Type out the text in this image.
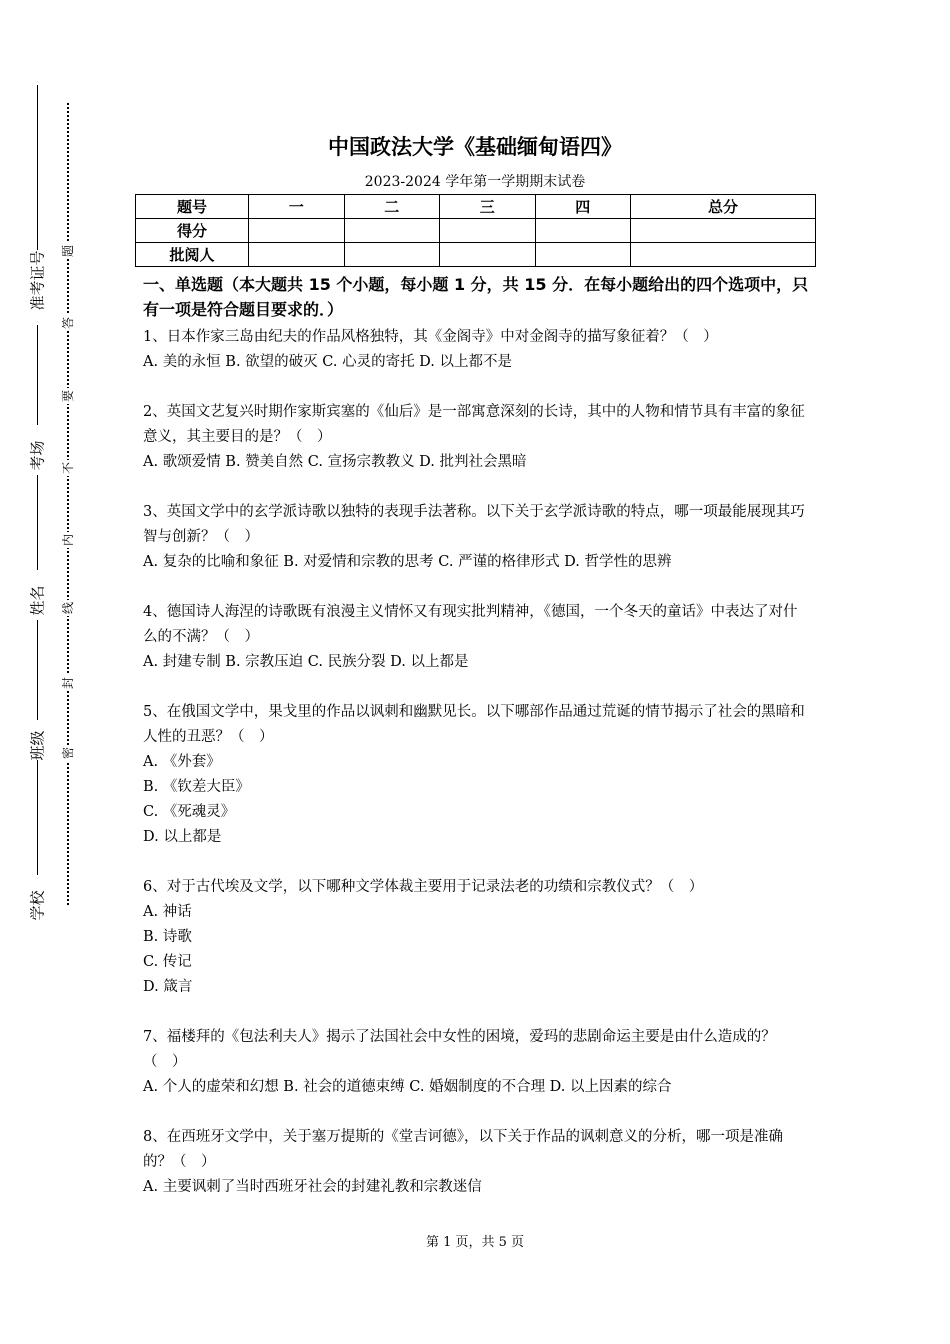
准考证号
考场
姓名
班级
学校
题
答
要
不
内
线
封
密
中国政法大学《基础缅甸语四》
2023-2024 学年第一学期期末试卷
题号	一	二	三	四	总分
得分					
批阅人					
一、单选题（本大题共 15 个小题，每小题 1 分，共 15 分．在每小题给出的四个选项中，只有一项是符合题目要求的．）

1、日本作家三岛由纪夫的作品风格独特，其《金阁寺》中对金阁寺的描写象征着？（　）

A. 美的永恒 B. 欲望的破灭 C. 心灵的寄托 D. 以上都不是

2、英国文艺复兴时期作家斯宾塞的《仙后》是一部寓意深刻的长诗，其中的人物和情节具有丰富的象征意义，其主要目的是？（　）

A. 歌颂爱情 B. 赞美自然 C. 宣扬宗教教义 D. 批判社会黑暗

3、英国文学中的玄学派诗歌以独特的表现手法著称。以下关于玄学派诗歌的特点，哪一项最能展现其巧智与创新？（　）

A. 复杂的比喻和象征 B. 对爱情和宗教的思考 C. 严谨的格律形式 D. 哲学性的思辨

4、德国诗人海涅的诗歌既有浪漫主义情怀又有现实批判精神，《德国，一个冬天的童话》中表达了对什么的不满？（　）

A. 封建专制 B. 宗教压迫 C. 民族分裂 D. 以上都是

5、在俄国文学中，果戈里的作品以讽刺和幽默见长。以下哪部作品通过荒诞的情节揭示了社会的黑暗和人性的丑恶？（　）

A. 《外套》

B. 《钦差大臣》

C. 《死魂灵》

D. 以上都是

6、对于古代埃及文学，以下哪种文学体裁主要用于记录法老的功绩和宗教仪式？（　）

A. 神话

B. 诗歌

C. 传记

D. 箴言

7、福楼拜的《包法利夫人》揭示了法国社会中女性的困境，爱玛的悲剧命运主要是由什么造成的？（　）

A. 个人的虚荣和幻想 B. 社会的道德束缚 C. 婚姻制度的不合理 D. 以上因素的综合

8、在西班牙文学中，关于塞万提斯的《堂吉诃德》，以下关于作品的讽刺意义的分析，哪一项是准确的？（　）

A. 主要讽刺了当时西班牙社会的封建礼教和宗教迷信

第 1 页，共 5 页
